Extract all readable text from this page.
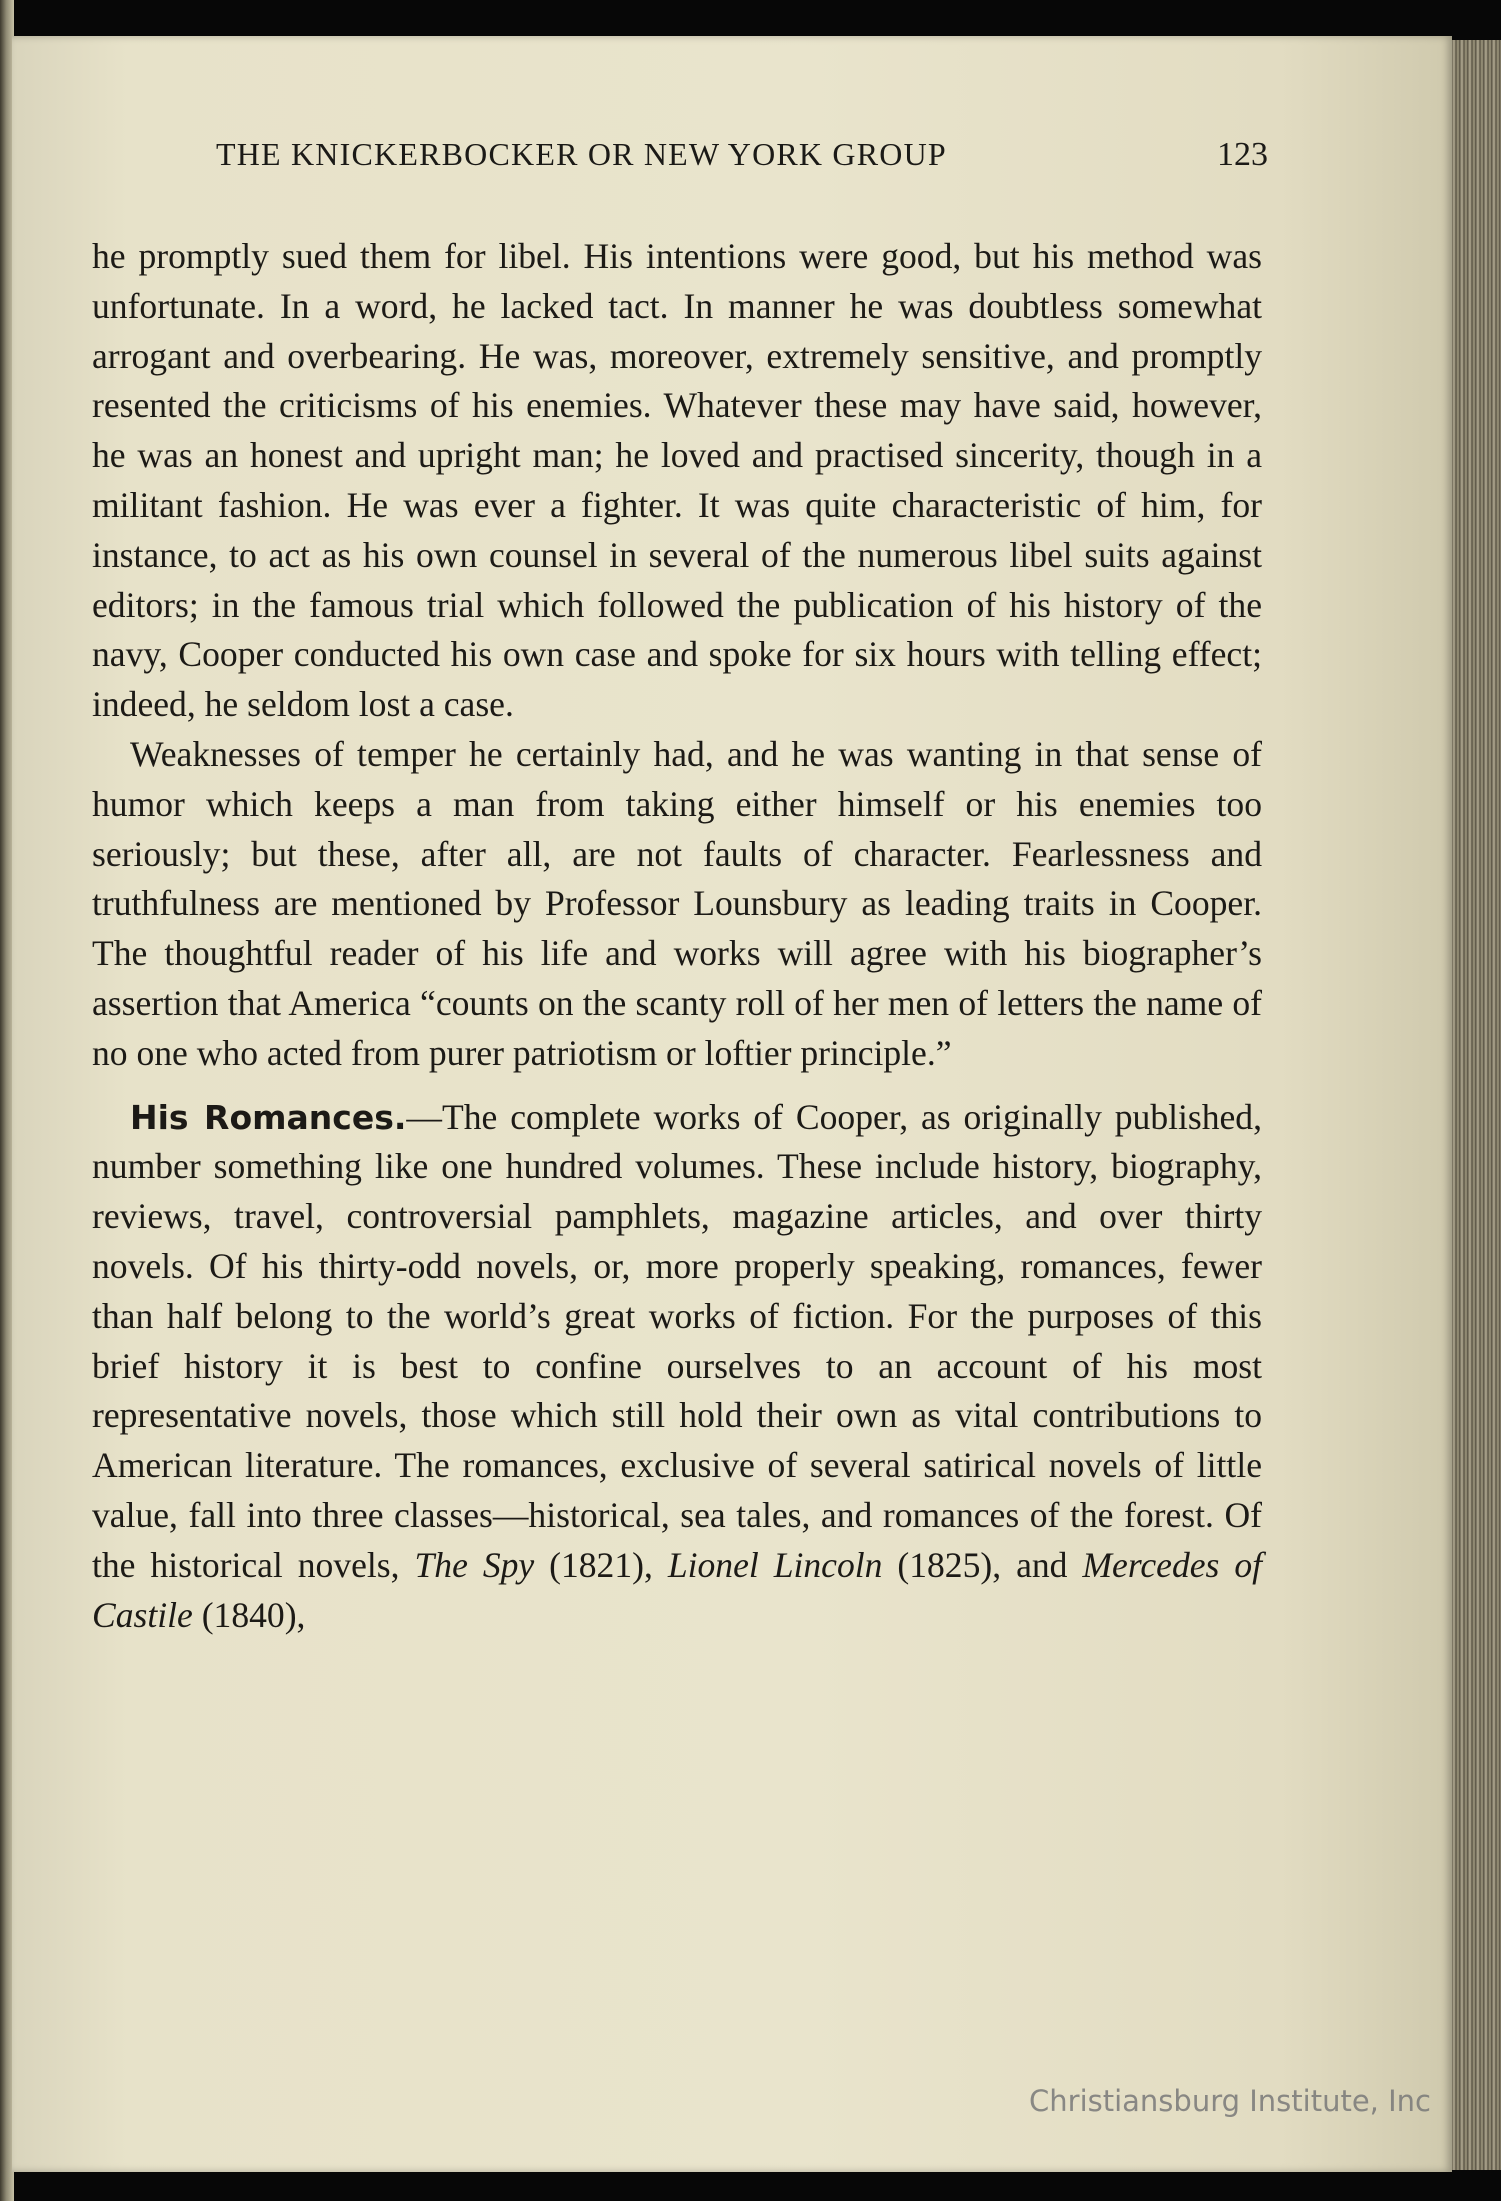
THE KNICKERBOCKER OR NEW YORK GROUP	123

he promptly sued them for libel. His intentions were good, but his method was unfortunate. In a word, he lacked tact. In manner he was doubtless somewhat arrogant and overbearing. He was, moreover, extremely sensitive, and promptly resented the criticisms of his enemies. Whatever these may have said, however, he was an honest and upright man; he loved and practised sincerity, though in a militant fashion. He was ever a fighter. It was quite characteristic of him, for instance, to act as his own counsel in several of the numerous libel suits against editors; in the famous trial which followed the publication of his history of the navy, Cooper conducted his own case and spoke for six hours with telling effect; indeed, he seldom lost a case.

Weaknesses of temper he certainly had, and he was wanting in that sense of humor which keeps a man from taking either himself or his enemies too seriously; but these, after all, are not faults of character. Fearlessness and truthfulness are mentioned by Professor Lounsbury as leading traits in Cooper. The thoughtful reader of his life and works will agree with his biographer’s assertion that America “counts on the scanty roll of her men of letters the name of no one who acted from purer patriotism or loftier principle.”

His Romances.—The complete works of Cooper, as originally published, number something like one hundred volumes. These include history, biography, reviews, travel, controversial pamphlets, magazine articles, and over thirty novels. Of his thirty-odd novels, or, more properly speaking, romances, fewer than half belong to the world’s great works of fiction. For the purposes of this brief history it is best to confine ourselves to an account of his most representative novels, those which still hold their own as vital contributions to American literature. The romances, exclusive of several satirical novels of little value, fall into three classes—historical, sea tales, and romances of the forest. Of the historical novels, The Spy (1821), Lionel Lincoln (1825), and Mercedes of Castile (1840),

Christiansburg Institute, Inc
